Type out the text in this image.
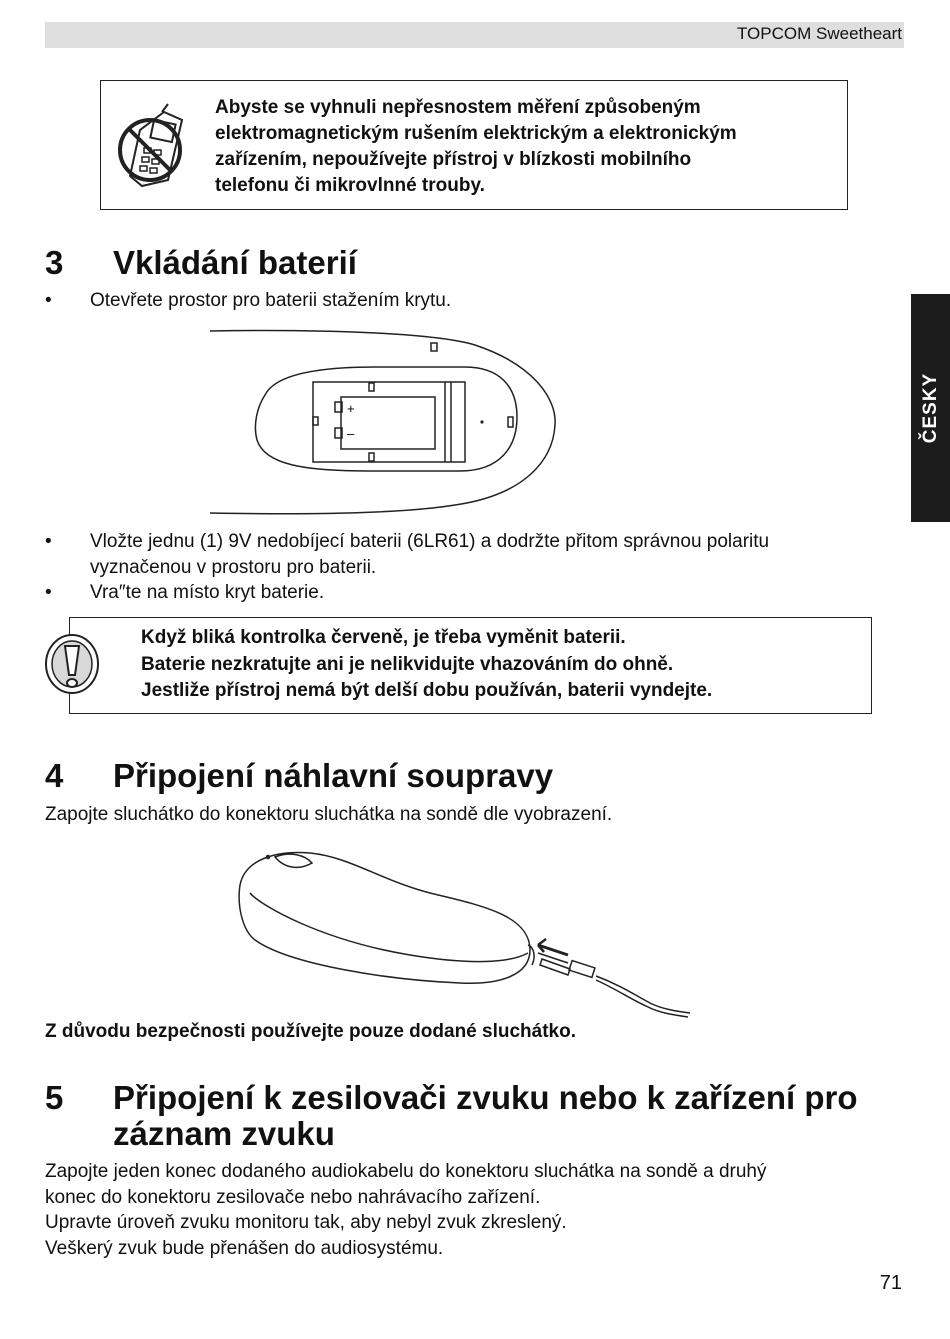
TOPCOM Sweetheart
Abyste se vyhnuli nepřesnostem měření způsobeným
elektromagnetickým rušením elektrickým a elektronickým
zařízením, nepoužívejte přístroj v blízkosti mobilního
telefonu či mikrovlnné trouby.
3 Vkládání baterií
• Otevřete prostor pro baterii stažením krytu.
+
–
• Vložte jednu (1) 9V nedobíjecí baterii (6LR61) a dodržte přitom správnou polaritu
vyznačenou v prostoru pro baterii.
• Vra″te na místo kryt baterie.
ČESKY
Když bliká kontrolka červeně, je třeba vyměnit baterii.
Baterie nezkratujte ani je nelikvidujte vhazováním do ohně.
Jestliže přístroj nemá být delší dobu používán, baterii vyndejte.
4 Připojení náhlavní soupravy
Zapojte sluchátko do konektoru sluchátka na sondě dle vyobrazení.
Z důvodu bezpečnosti používejte pouze dodané sluchátko.
5 Připojení k zesilovači zvuku nebo k zařízení pro
záznam zvuku
Zapojte jeden konec dodaného audiokabelu do konektoru sluchátka na sondě a druhý
konec do konektoru zesilovače nebo nahrávacího zařízení.
Upravte úroveň zvuku monitoru tak, aby nebyl zvuk zkreslený.
Veškerý zvuk bude přenášen do audiosystému.
71
